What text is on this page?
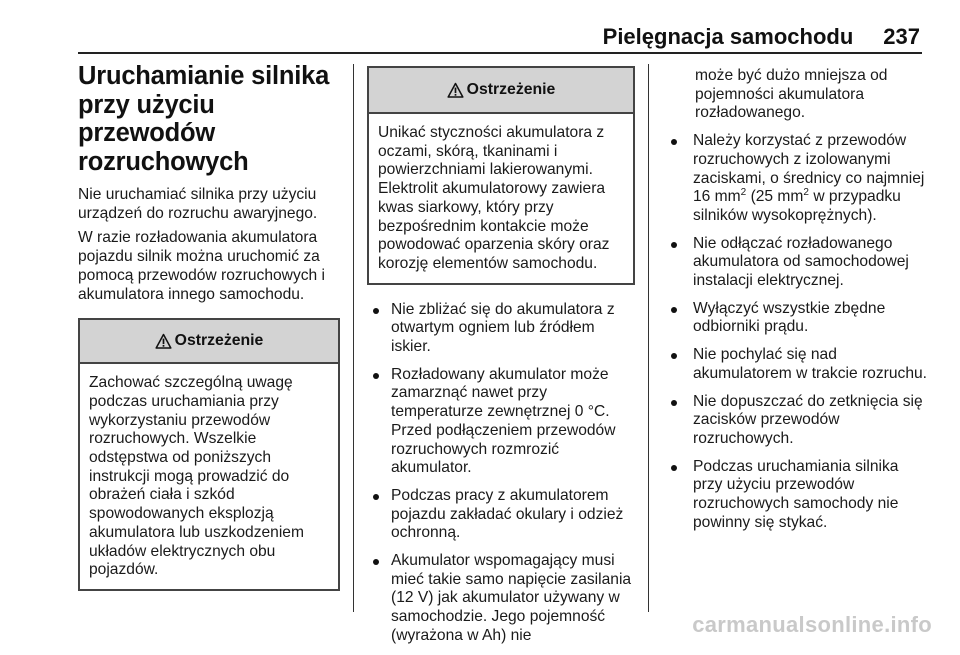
Pielęgnacja samochodu 237
Uruchamianie silnika przy użyciu przewodów rozruchowych

Nie uruchamiać silnika przy użyciu urządzeń do rozruchu awaryjnego.

W razie rozładowania akumulatora pojazdu silnik można uruchomić za pomocą przewodów rozruchowych i akumulatora innego samochodu.

Ostrzeżenie
Zachować szczególną uwagę podczas uruchamiania przy wykorzystaniu przewodów rozruchowych. Wszelkie odstępstwa od poniższych instrukcji mogą prowadzić do obrażeń ciała i szkód spowodowanych eksplozją akumulatora lub uszkodzeniem układów elektrycznych obu pojazdów.
Ostrzeżenie
Unikać styczności akumulatora z oczami, skórą, tkaninami i powierzchniami lakierowanymi. Elektrolit akumulatorowy zawiera kwas siarkowy, który przy bezpośrednim kontakcie może powodować oparzenia skóry oraz korozję elementów samochodu.
Nie zbliżać się do akumulatora z otwartym ogniem lub źródłem iskier.
Rozładowany akumulator może zamarznąć nawet przy temperaturze zewnętrznej 0 °C. Przed podłączeniem przewodów rozruchowych rozmrozić akumulator.
Podczas pracy z akumulatorem pojazdu zakładać okulary i odzież ochronną.
Akumulator wspomagający musi mieć takie samo napięcie zasilania (12 V) jak akumulator używany w samochodzie. Jego pojemność (wyrażona w Ah) nie

może być dużo mniejsza od pojemności akumulatora rozładowanego.

Należy korzystać z przewodów rozruchowych z izolowanymi zaciskami, o średnicy co najmniej 16 $mm^2$ (25 $mm^2$ w przypadku silników wysokoprężnych).
Nie odłączać rozładowanego akumulatora od samochodowej instalacji elektrycznej.
Wyłączyć wszystkie zbędne odbiorniki prądu.
Nie pochylać się nad akumulatorem w trakcie rozruchu.
Nie dopuszczać do zetknięcia się zacisków przewodów rozruchowych.
Podczas uruchamiania silnika przy użyciu przewodów rozruchowych samochody nie powinny się stykać.
carmanualsonline.info
